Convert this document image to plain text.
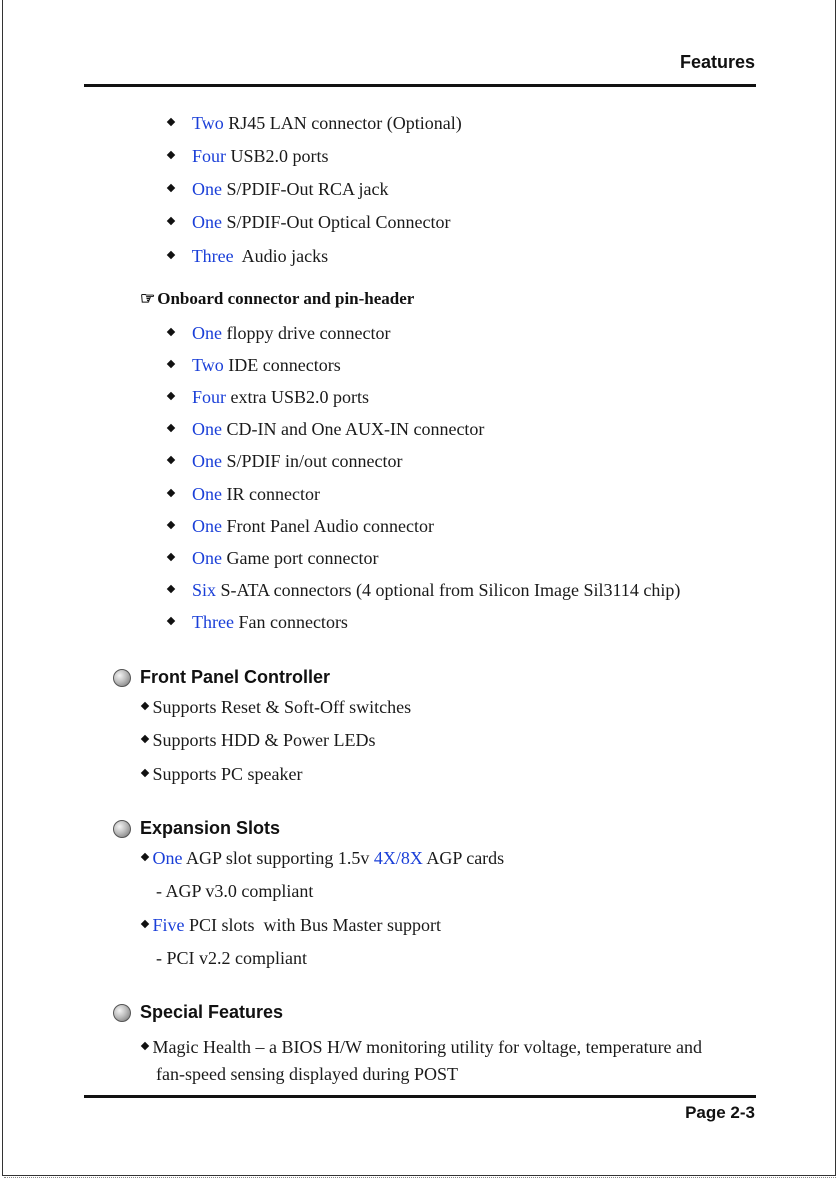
Features
Two RJ45 LAN connector (Optional)
Four USB2.0 ports
One S/PDIF-Out RCA jack
One S/PDIF-Out Optical Connector
Three  Audio jacks
☞ Onboard connector and pin-header
One floppy drive connector
Two IDE connectors
Four extra USB2.0 ports
One CD-IN and One AUX-IN connector
One S/PDIF in/out connector
One IR connector
One Front Panel Audio connector
One Game port connector
Six S-ATA connectors (4 optional from Silicon Image Sil3114 chip)
Three Fan connectors
Front Panel Controller
Supports Reset & Soft-Off switches
Supports HDD & Power LEDs
Supports PC speaker
Expansion Slots
One AGP slot supporting 1.5v 4X/8X AGP cards
- AGP v3.0 compliant
Five PCI slots  with Bus Master support
- PCI v2.2 compliant
Special Features
Magic Health – a BIOS H/W monitoring utility for voltage, temperature and
fan-speed sensing displayed during POST
Page 2-3
